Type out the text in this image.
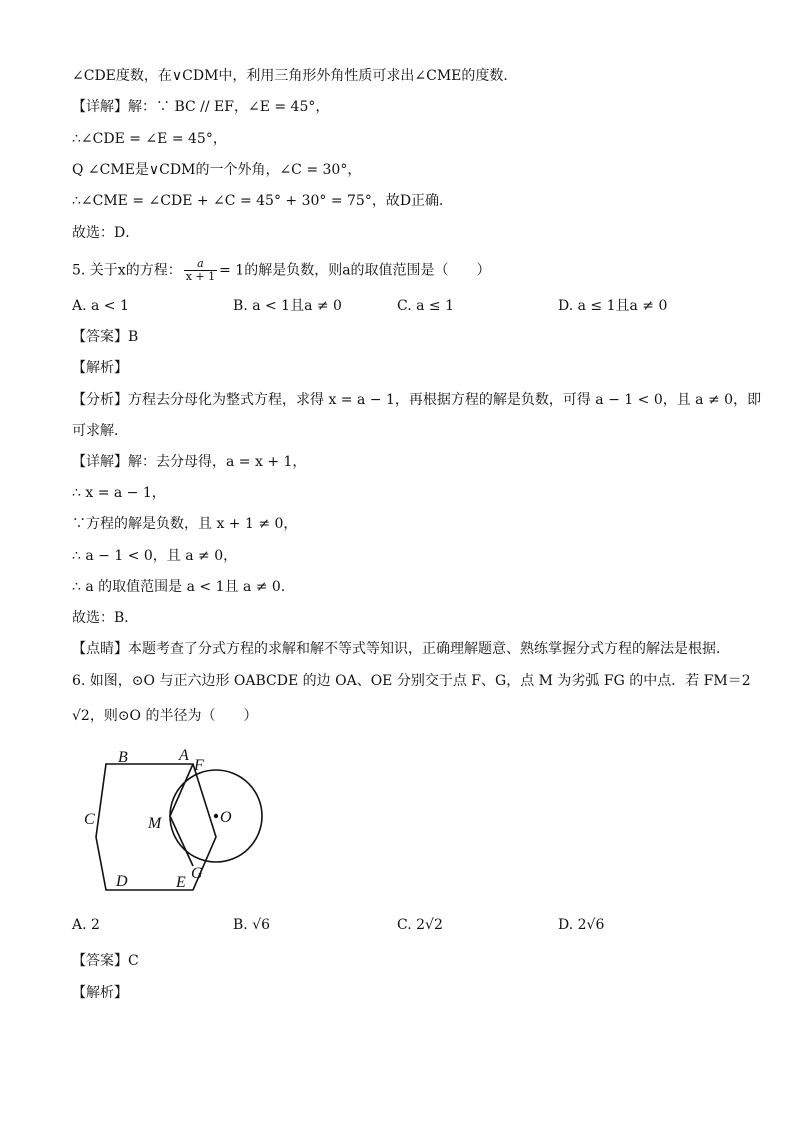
∠CDE度数，在∨CDM中，利用三角形外角性质可求出∠CME的度数．
【详解】解：∵ BC // EF，∠E = 45°，
∴∠CDE = ∠E = 45°，
Q ∠CME是∨CDM的一个外角，∠C = 30°，
∴∠CME = ∠CDE + ∠C = 45° + 30° = 75°，故D正确．
故选：D．
5. 关于x的方程： $\frac{a}{x + 1} = 1$的解是负数，则a的取值范围是（　　）
A. a < 1	B. a < 1且a ≠ 0	C. a ≤ 1	D. a ≤ 1且a ≠ 0
【答案】B
【解析】
【分析】方程去分母化为整式方程，求得 x = a − 1，再根据方程的解是负数，可得 a − 1 < 0，且 a ≠ 0，即
可求解．
【详解】解：去分母得，a = x + 1，
∴ x = a − 1，
∵方程的解是负数，且 x + 1 ≠ 0，
∴ a − 1 < 0，且 a ≠ 0，
∴ a 的取值范围是 a < 1且 a ≠ 0．
故选：B．
【点睛】本题考查了分式方程的求解和解不等式等知识，正确理解题意、熟练掌握分式方程的解法是根据．
6. 如图，⊙O 与正六边形 OABCDE 的边 OA、OE 分别交于点 F、G，点 M 为劣弧 FG 的中点．若 FM＝2
√2，则⊙O 的半径为（　　）
B	A
F
C	M	O
D	E
G
A. 2	B. √6	C. 2√2	D. 2√6
【答案】C
【解析】
